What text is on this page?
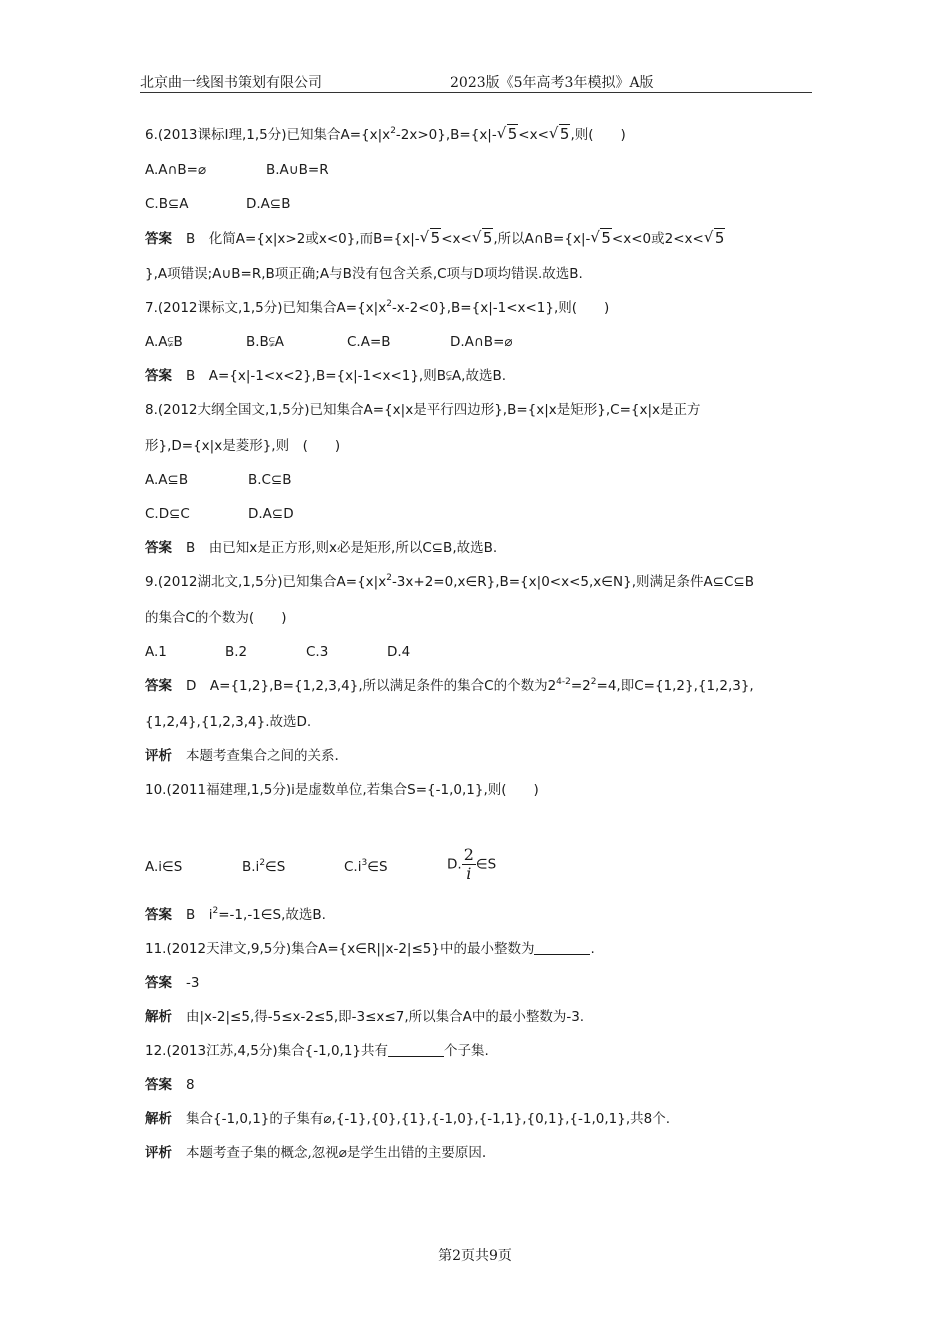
北京曲一线图书策划有限公司	2023版《5年高考3年模拟》A版
6.(2013课标Ⅰ理,1,5分)已知集合$A=\{x|x^2-2x>0\},B=\{x|-√$ 5<x<√ 5,则(　　)
A.A∩B=⌀	B.A∪B=R
C.B⊆A	D.A⊆B
答案 B　化简A={x|x>2或x<0},而B={x|-√ 5<x<√ 5,所以A∩B={x|-√ 5<x<0或2<x<√ 5
},A项错误;A∪B=R,B项正确;A与B没有包含关系,C项与D项均错误.故选B.
7.(2012课标文,1,5分)已知集合$A=\{x|x^2-x-2<0\},B=\{x|-1<x<1\}$,则(　　)
A.A⫋B	B.B⫋A	C.A=B	D.A∩B=⌀
答案 B　A={x|-1<x<2},B={x|-1<x<1},则B⫋A,故选B.
8.(2012大纲全国文,1,5分)已知集合A={x|x是平行四边形},B={x|x是矩形},C={x|x是正方
形},D={x|x是菱形},则　(　　)
A.A⊆B	B.C⊆B
C.D⊆C	D.A⊆D
答案 B　由已知x是正方形,则x必是矩形,所以C⊆B,故选B.
9.(2012湖北文,1,5分)已知集合$A=\{x|x^2-3x+2=0,x\in R\},B=\{x|0<x<5,x\in N\}$,则满足条件A⊆C⊆B
的集合C的个数为(　　)
A.1	B.2	C.3	D.4
答案 D　A={1,2},B={1,2,3,4},所以满足条件的集合C的个数为$2^{4-2}=2^2=4$,即C={1,2},{1,2,3},
{1,2,4},{1,2,3,4}.故选D.
评析 本题考查集合之间的关系.
10.(2011福建理,1,5分)i是虚数单位,若集合S={-1,0,1},则(　　)
A.i∈S	$B.i^2\in S$	$C.i^3\in S$	D. $\frac{2}{i}$ ∈S
答案 B　$i^2=-1,-1\in S$,故选B.
11.(2012天津文,9,5分)集合A={x∈R||x-2|≤5}中的最小整数为	.
答案 -3
解析 由|x-2|≤5,得-5≤x-2≤5,即-3≤x≤7,所以集合A中的最小整数为-3.
12.(2013江苏,4,5分)集合{-1,0,1}共有	个子集.
答案 8
解析 集合{-1,0,1}的子集有⌀,{-1},{0},{1},{-1,0},{-1,1},{0,1},{-1,0,1},共8个.
评析 本题考查子集的概念,忽视⌀是学生出错的主要原因.
第2页共9页
